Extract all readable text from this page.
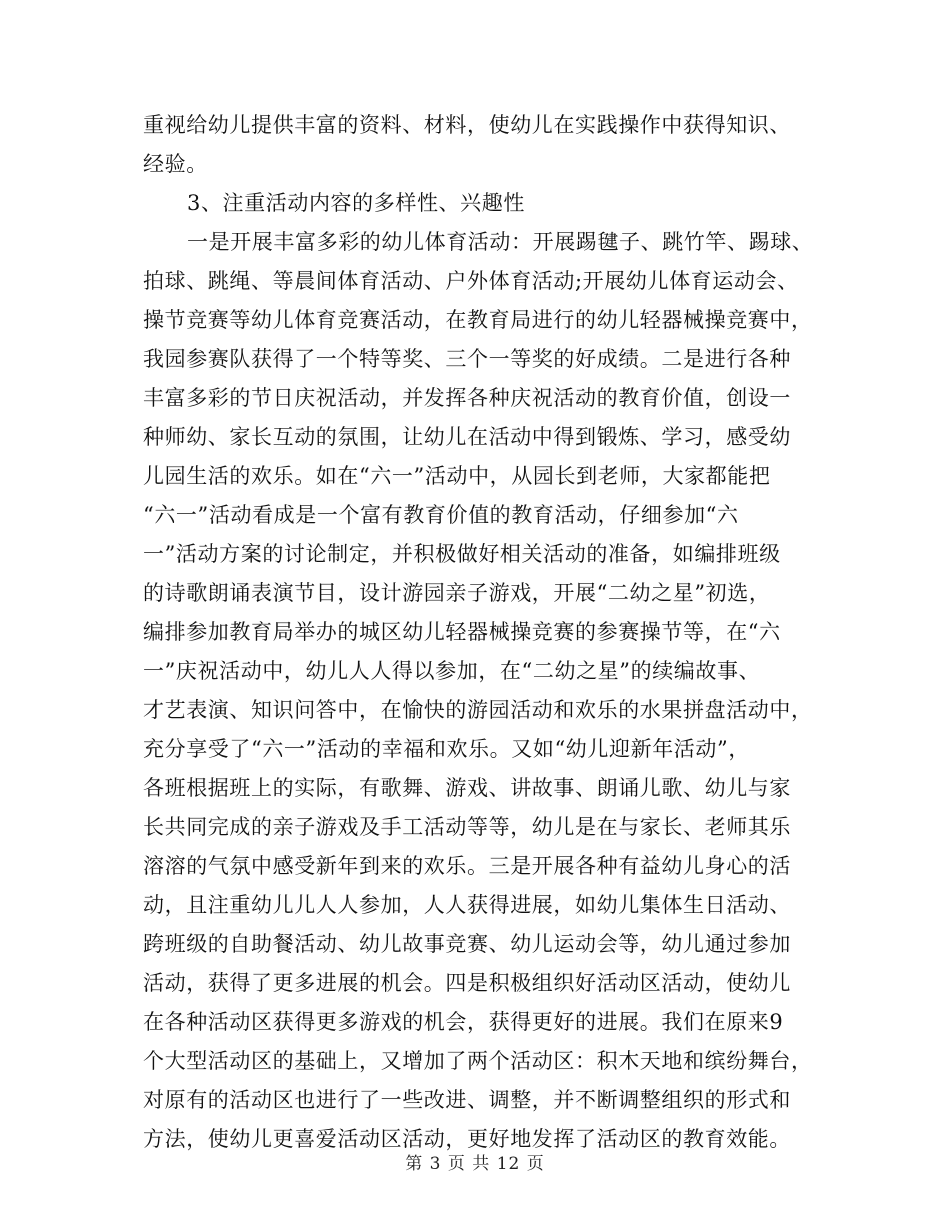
重视给幼儿提供丰富的资料、材料，使幼儿在实践操作中获得知识、
经验。
3、注重活动内容的多样性、兴趣性
一是开展丰富多彩的幼儿体育活动：开展踢毽子、跳竹竿、踢球、
拍球、跳绳、等晨间体育活动、户外体育活动;开展幼儿体育运动会、
操节竞赛等幼儿体育竞赛活动，在教育局进行的幼儿轻器械操竞赛中，
我园参赛队获得了一个特等奖、三个一等奖的好成绩。二是进行各种
丰富多彩的节日庆祝活动，并发挥各种庆祝活动的教育价值，创设一
种师幼、家长互动的氛围，让幼儿在活动中得到锻炼、学习，感受幼
儿园生活的欢乐。如在“六一”活动中，从园长到老师，大家都能把
“六一”活动看成是一个富有教育价值的教育活动，仔细参加“六
一”活动方案的讨论制定，并积极做好相关活动的准备，如编排班级
的诗歌朗诵表演节目，设计游园亲子游戏，开展“二幼之星”初选，
编排参加教育局举办的城区幼儿轻器械操竞赛的参赛操节等，在“六
一”庆祝活动中，幼儿人人得以参加，在“二幼之星”的续编故事、
才艺表演、知识问答中，在愉快的游园活动和欢乐的水果拼盘活动中，
充分享受了“六一”活动的幸福和欢乐。又如“幼儿迎新年活动”，
各班根据班上的实际，有歌舞、游戏、讲故事、朗诵儿歌、幼儿与家
长共同完成的亲子游戏及手工活动等等，幼儿是在与家长、老师其乐
溶溶的气氛中感受新年到来的欢乐。三是开展各种有益幼儿身心的活
动，且注重幼儿儿人人参加，人人获得进展，如幼儿集体生日活动、
跨班级的自助餐活动、幼儿故事竞赛、幼儿运动会等，幼儿通过参加
活动，获得了更多进展的机会。四是积极组织好活动区活动，使幼儿
在各种活动区获得更多游戏的机会，获得更好的进展。我们在原来9
个大型活动区的基础上，又增加了两个活动区：积木天地和缤纷舞台，
对原有的活动区也进行了一些改进、调整，并不断调整组织的形式和
方法，使幼儿更喜爱活动区活动，更好地发挥了活动区的教育效能。
第 3 页 共 12 页
